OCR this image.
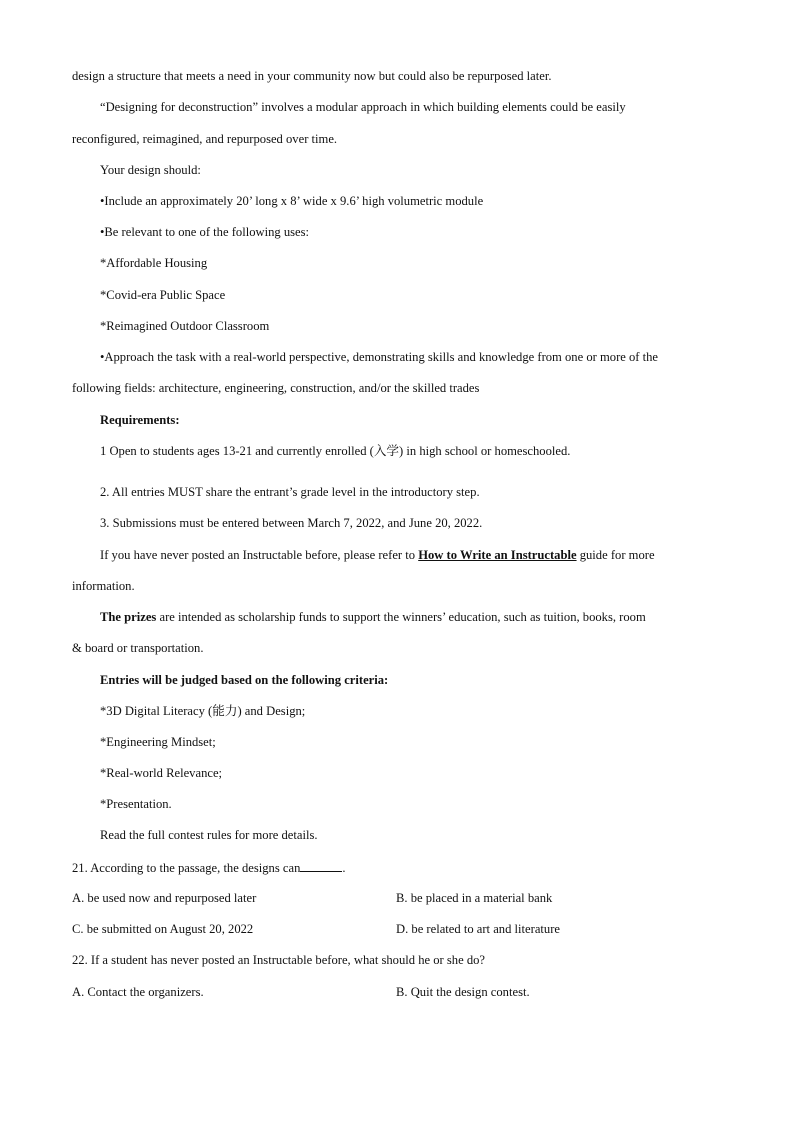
design a structure that meets a need in your community now but could also be repurposed later.
“Designing for deconstruction” involves a modular approach in which building elements could be easily
reconfigured, reimagined, and repurposed over time.
Your design should:
•Include an approximately 20’ long x 8’ wide x 9.6’ high volumetric module
•Be relevant to one of the following uses:
*Affordable Housing
*Covid-era Public Space
*Reimagined Outdoor Classroom
•Approach the task with a real-world perspective, demonstrating skills and knowledge from one or more of the
following fields: architecture, engineering, construction, and/or the skilled trades
Requirements:
1 Open to students ages 13-21 and currently enrolled (入学) in high school or homeschooled.
2. All entries MUST share the entrant’s grade level in the introductory step.
3. Submissions must be entered between March 7, 2022, and June 20, 2022.
If you have never posted an Instructable before, please refer to How to Write an Instructable guide for more
information.
The prizes are intended as scholarship funds to support the winners’ education, such as tuition, books, room
& board or transportation.
Entries will be judged based on the following criteria:
*3D Digital Literacy (能力) and Design;
*Engineering Mindset;
*Real-world Relevance;
*Presentation.
Read the full contest rules for more details.
21. According to the passage, the designs can	.
A. be used now and repurposed later	B. be placed in a material bank
C. be submitted on August 20, 2022	D. be related to art and literature
22. If a student has never posted an Instructable before, what should he or she do?
A. Contact the organizers.	B. Quit the design contest.
